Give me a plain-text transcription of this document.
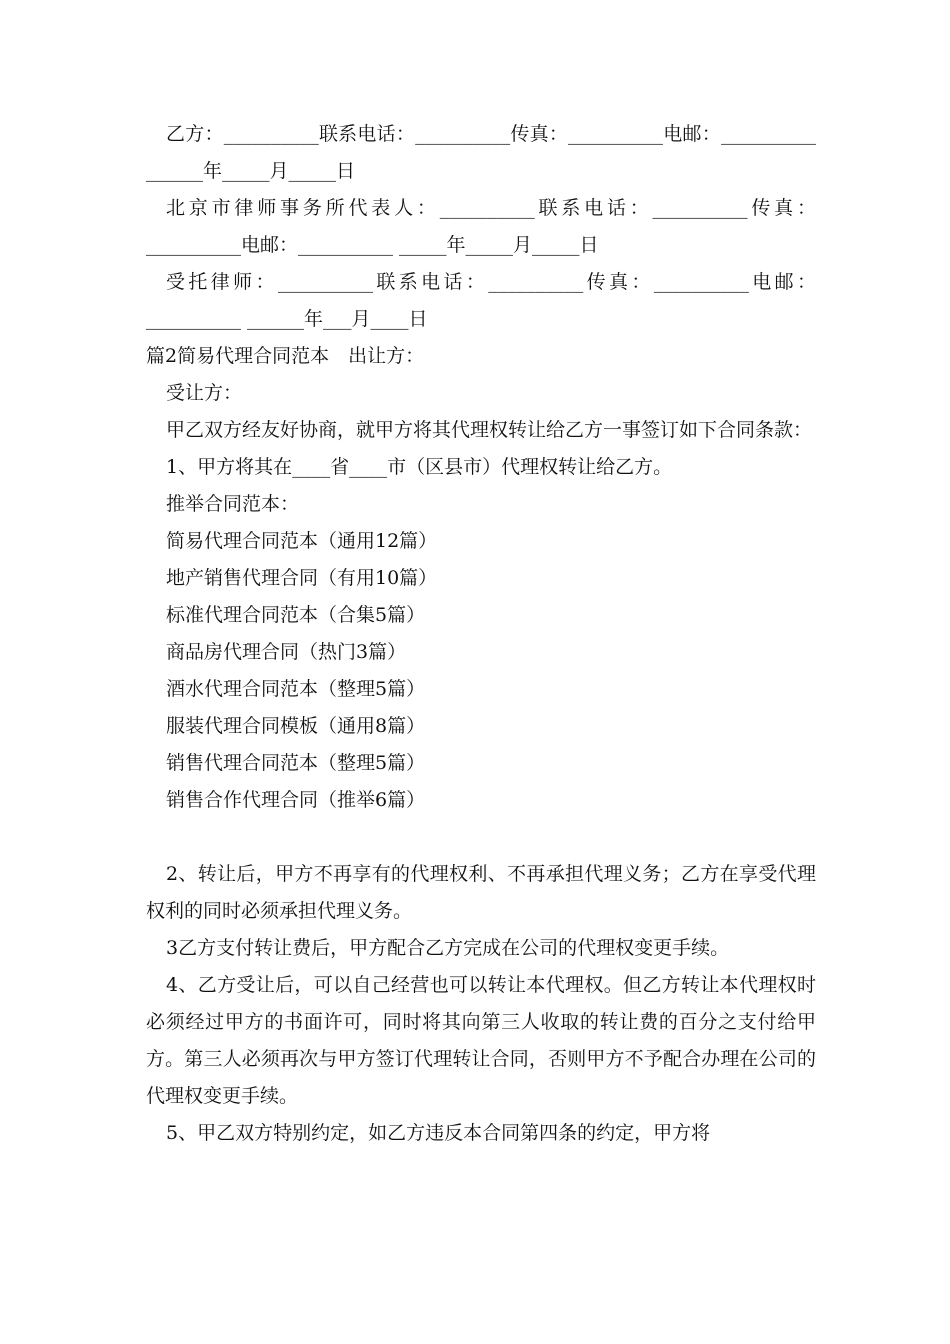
乙方：__________联系电话：__________传真：__________电邮：__________ ______年_____月_____日

北京市律师事务所代表人：__________联系电话：__________传真：__________电邮：__________ _____年_____月_____日

受托律师：__________联系电话：__________传真：__________电邮：__________ ______年___月____日

篇2简易代理合同范本　出让方：

受让方：

甲乙双方经友好协商，就甲方将其代理权转让给乙方一事签订如下合同条款：

1、甲方将其在____省____市（区县市）代理权转让给乙方。

推举合同范本：

简易代理合同范本（通用12篇）

地产销售代理合同（有用10篇）

标准代理合同范本（合集5篇）

商品房代理合同（热门3篇）

酒水代理合同范本（整理5篇）

服装代理合同模板（通用8篇）

销售代理合同范本（整理5篇）

销售合作代理合同（推举6篇）

2、转让后，甲方不再享有的代理权利、不再承担代理义务；乙方在享受代理权利的同时必须承担代理义务。

3乙方支付转让费后，甲方配合乙方完成在公司的代理权变更手续。

4、乙方受让后，可以自己经营也可以转让本代理权。但乙方转让本代理权时必须经过甲方的书面许可，同时将其向第三人收取的转让费的百分之支付给甲方。第三人必须再次与甲方签订代理转让合同，否则甲方不予配合办理在公司的代理权变更手续。

5、甲乙双方特别约定，如乙方违反本合同第四条的约定，甲方将
